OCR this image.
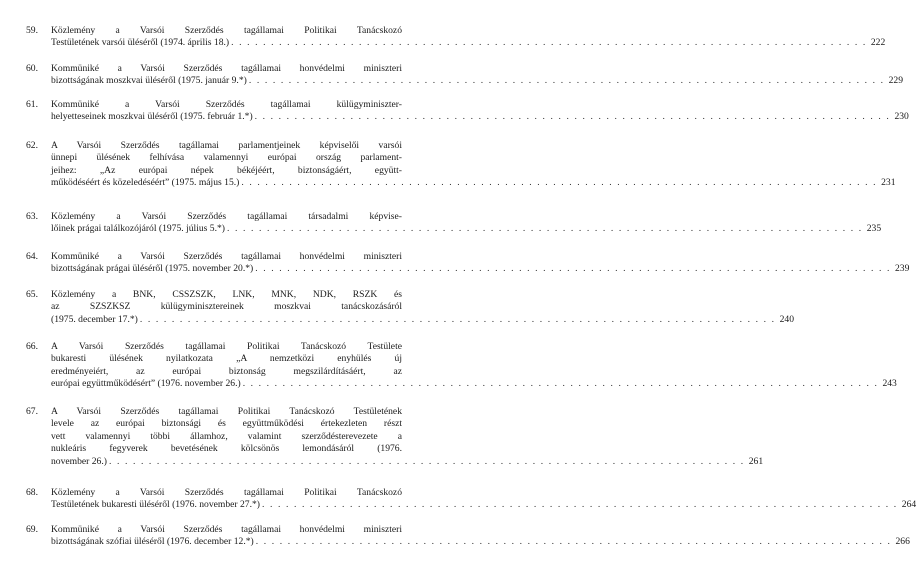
59.	Közlemény a Varsói Szerződés tagállamai Politikai Tanácskozó
Testületének varsói üléséről (1974. április 18.) . . . . . . . . . . . . . . . . . . . . . . . . . . . . . . . . . . . . . . . . . . . . . . . . . . . . . . . . . . . . . . . . . . . . . . . . . . . . . . . . 222
60.	Kommüniké a Varsói Szerződés tagállamai honvédelmi miniszteri
bizottságának moszkvai üléséről (1975. január 9.*) . . . . . . . . . . . . . . . . . . . . . . . . . . . . . . . . . . . . . . . . . . . . . . . . . . . . . . . . . . . . . . . . . . . . . . . . . . . . . . . . 229
61.	Kommüniké a Varsói Szerződés tagállamai külügyminiszter-
helyetteseinek moszkvai üléséről (1975. február 1.*) . . . . . . . . . . . . . . . . . . . . . . . . . . . . . . . . . . . . . . . . . . . . . . . . . . . . . . . . . . . . . . . . . . . . . . . . . . . . . . . . 230
62.	A Varsói Szerződés tagállamai parlamentjeinek képviselői varsói
ünnepi ülésének felhívása valamennyi európai ország parlament-
jeihez: „Az európai népek békéjéért, biztonságáért, együtt-
működéséért és közeledéséért” (1975. május 15.) . . . . . . . . . . . . . . . . . . . . . . . . . . . . . . . . . . . . . . . . . . . . . . . . . . . . . . . . . . . . . . . . . . . . . . . . . . . . . . . . 231
63.	Közlemény a Varsói Szerződés tagállamai társadalmi képvise-
lőinek prágai találkozójáról (1975. július 5.*) . . . . . . . . . . . . . . . . . . . . . . . . . . . . . . . . . . . . . . . . . . . . . . . . . . . . . . . . . . . . . . . . . . . . . . . . . . . . . . . . 235
64.	Kommüniké a Varsói Szerződés tagállamai honvédelmi miniszteri
bizottságának prágai üléséről (1975. november 20.*) . . . . . . . . . . . . . . . . . . . . . . . . . . . . . . . . . . . . . . . . . . . . . . . . . . . . . . . . . . . . . . . . . . . . . . . . . . . . . . . . 239
65.	Közlemény a BNK, CSSZSZK, LNK, MNK, NDK, RSZK és
az SZSZKSZ külügyminisztereinek moszkvai tanácskozásáról
(1975. december 17.*) . . . . . . . . . . . . . . . . . . . . . . . . . . . . . . . . . . . . . . . . . . . . . . . . . . . . . . . . . . . . . . . . . . . . . . . . . . . . . . . . 240
66.	A Varsói Szerződés tagállamai Politikai Tanácskozó Testülete
bukaresti ülésének nyilatkozata „A nemzetközi enyhülés új
eredményeiért, az európai biztonság megszilárdításáért, az
európai együttműködésért” (1976. november 26.) . . . . . . . . . . . . . . . . . . . . . . . . . . . . . . . . . . . . . . . . . . . . . . . . . . . . . . . . . . . . . . . . . . . . . . . . . . . . . . . . 243
67.	A Varsói Szerződés tagállamai Politikai Tanácskozó Testületének
levele az európai biztonsági és együttműködési értekezleten részt
vett valamennyi többi államhoz, valamint szerződésterevezete a
nukleáris fegyverek bevetésének kölcsönös lemondásáról (1976.
november 26.) . . . . . . . . . . . . . . . . . . . . . . . . . . . . . . . . . . . . . . . . . . . . . . . . . . . . . . . . . . . . . . . . . . . . . . . . . . . . . . . . 261
68.	Közlemény a Varsói Szerződés tagállamai Politikai Tanácskozó
Testületének bukaresti üléséről (1976. november 27.*) . . . . . . . . . . . . . . . . . . . . . . . . . . . . . . . . . . . . . . . . . . . . . . . . . . . . . . . . . . . . . . . . . . . . . . . . . . . . . . . . 264
69.	Kommüniké a Varsói Szerződés tagállamai honvédelmi miniszteri
bizottságának szófiai üléséről (1976. december 12.*) . . . . . . . . . . . . . . . . . . . . . . . . . . . . . . . . . . . . . . . . . . . . . . . . . . . . . . . . . . . . . . . . . . . . . . . . . . . . . . . . 266
